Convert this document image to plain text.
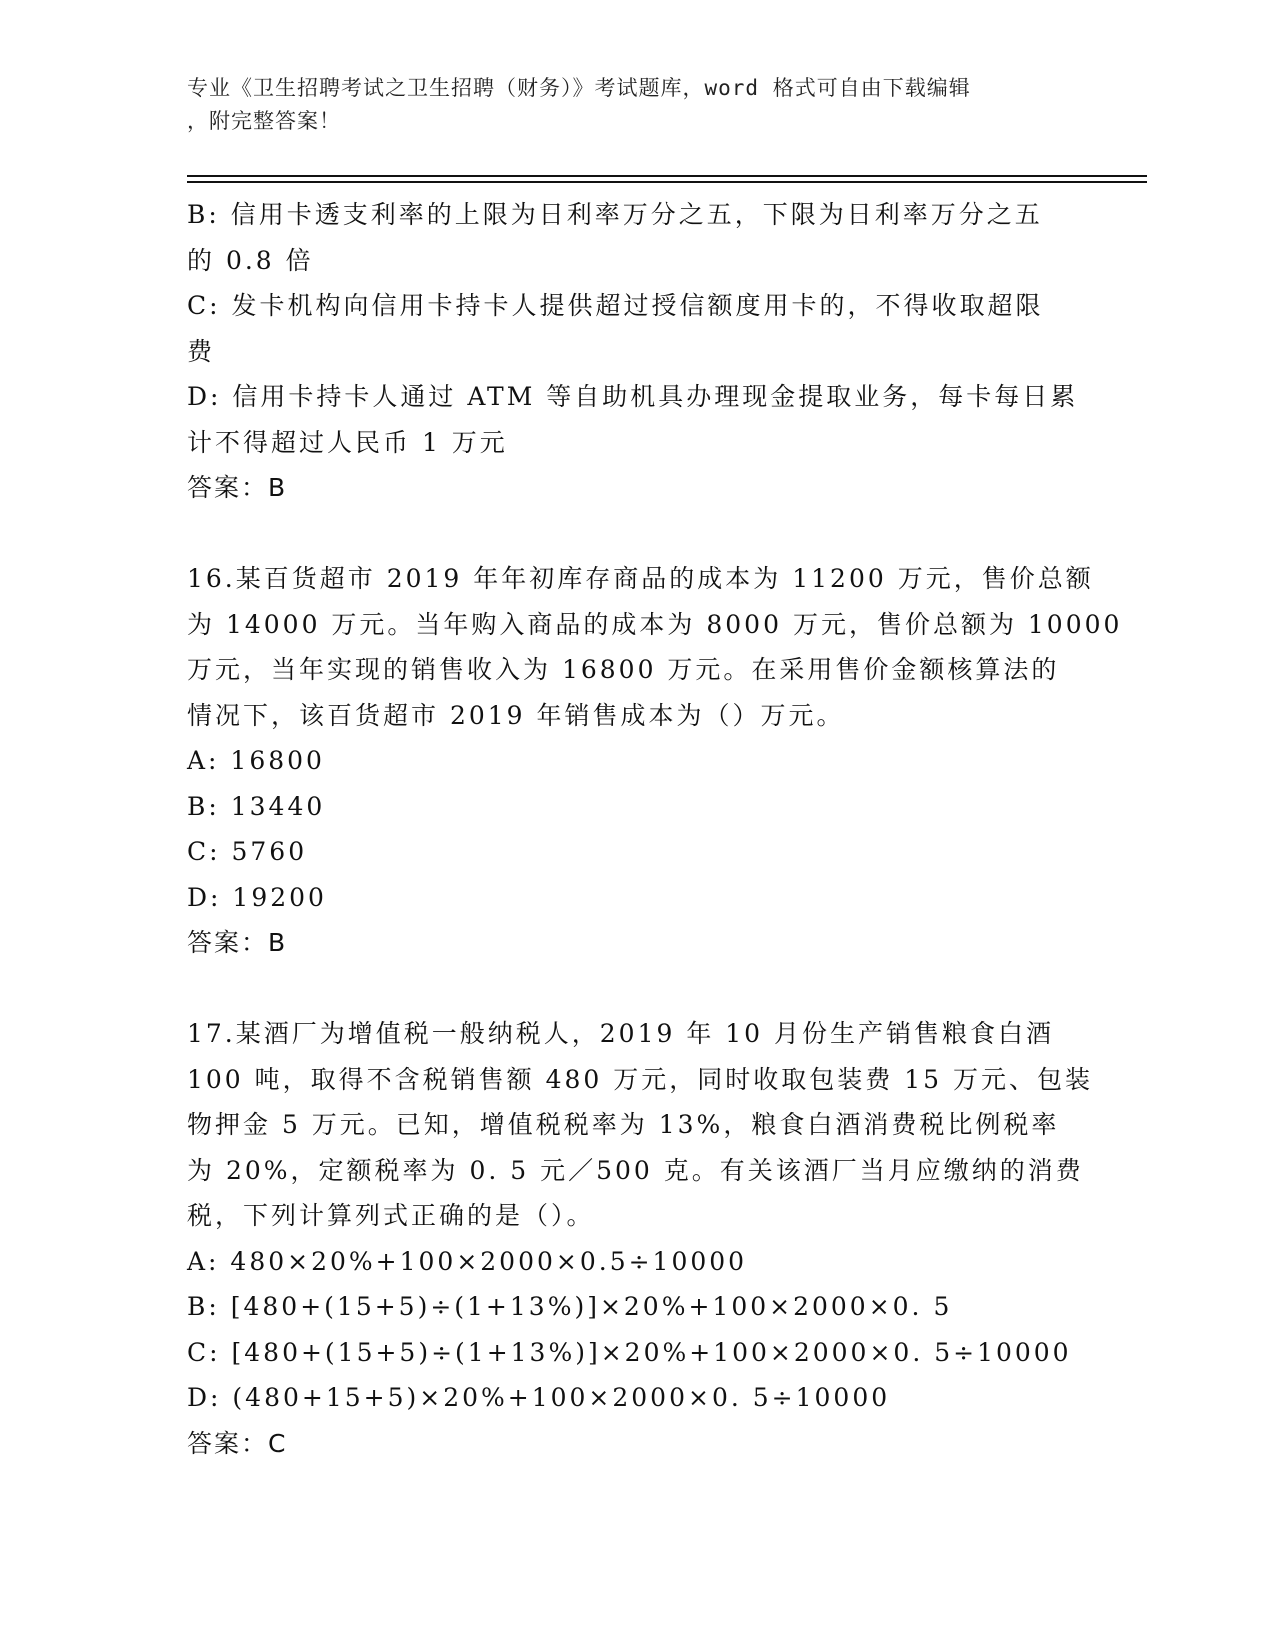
专业《卫生招聘考试之卫生招聘（财务）》考试题库，word 格式可自由下载编辑
，附完整答案！
B: 信用卡透支利率的上限为日利率万分之五，下限为日利率万分之五
的 0.8 倍
C: 发卡机构向信用卡持卡人提供超过授信额度用卡的，不得收取超限
费
D: 信用卡持卡人通过 ATM 等自助机具办理现金提取业务，每卡每日累
计不得超过人民币 1 万元
答案：B
16.某百货超市 2019 年年初库存商品的成本为 11200 万元，售价总额
为 14000 万元。当年购入商品的成本为 8000 万元，售价总额为 10000
万元，当年实现的销售收入为 16800 万元。在采用售价金额核算法的
情况下，该百货超市 2019 年销售成本为（）万元。
A: 16800
B: 13440
C: 5760
D: 19200
答案：B
17.某酒厂为增值税一般纳税人，2019 年 10 月份生产销售粮食白酒
100 吨，取得不含税销售额 480 万元，同时收取包装费 15 万元、包装
物押金 5 万元。已知，增值税税率为 13%，粮食白酒消费税比例税率
为 20%，定额税率为 0. 5 元／500 克。有关该酒厂当月应缴纳的消费
税，下列计算列式正确的是（）。
A: 480×20%+100×2000×0.5÷10000
B: [480+(15+5)÷(1+13%)]×20%+100×2000×0. 5
C: [480+(15+5)÷(1+13%)]×20%+100×2000×0. 5÷10000
D: (480+15+5)×20%+100×2000×0. 5÷10000
答案：C
